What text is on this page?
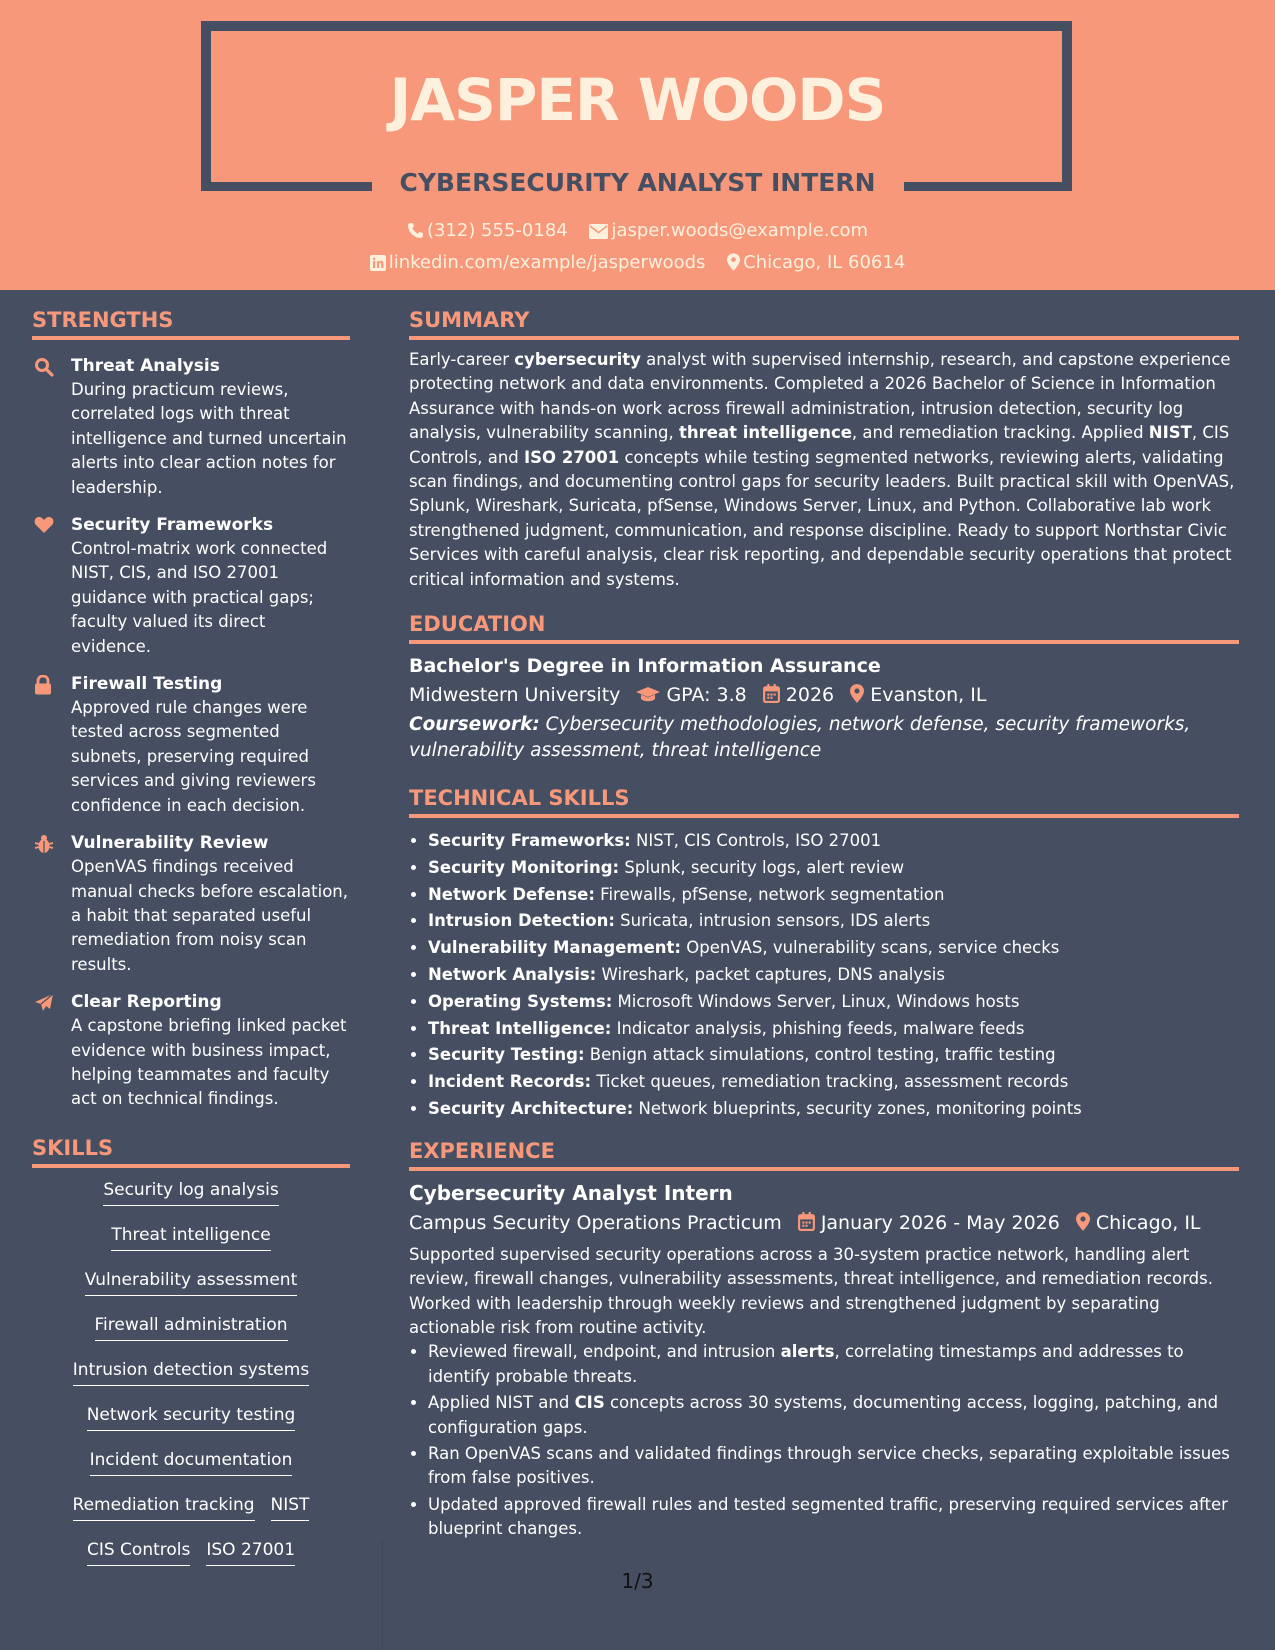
JASPER WOODS
CYBERSECURITY ANALYST INTERN
(312) 555-0184 jasper.woods@example.com
linkedin.com/example/jasperwoods Chicago, IL 60614
STRENGTHS
Threat Analysis
During practicum reviews, correlated logs with threat intelligence and turned uncertain alerts into clear action notes for leadership.
Security Frameworks
Control-matrix work connected NIST, CIS, and ISO 27001 guidance with practical gaps; faculty valued its direct evidence.
Firewall Testing
Approved rule changes were tested across segmented subnets, preserving required services and giving reviewers confidence in each decision.
Vulnerability Review
OpenVAS findings received manual checks before escalation, a habit that separated useful remediation from noisy scan results.
Clear Reporting
A capstone briefing linked packet evidence with business impact, helping teammates and faculty act on technical findings.
SKILLS
Security log analysis
Threat intelligence
Vulnerability assessment
Firewall administration
Intrusion detection systems
Network security testing
Incident documentation
Remediation tracking NIST
CIS Controls ISO 27001
SUMMARY
Early-career cybersecurity analyst with supervised internship, research, and capstone experience protecting network and data environments. Completed a 2026 Bachelor of Science in Information Assurance with hands-on work across firewall administration, intrusion detection, security log analysis, vulnerability scanning, threat intelligence, and remediation tracking. Applied NIST, CIS Controls, and ISO 27001 concepts while testing segmented networks, reviewing alerts, validating scan findings, and documenting control gaps for security leaders. Built practical skill with OpenVAS, Splunk, Wireshark, Suricata, pfSense, Windows Server, Linux, and Python. Collaborative lab work strengthened judgment, communication, and response discipline. Ready to support Northstar Civic Services with careful analysis, clear risk reporting, and dependable security operations that protect critical information and systems.
EDUCATION
Bachelor's Degree in Information Assurance
Midwestern University GPA: 3.8 2026 Evanston, IL
Coursework: Cybersecurity methodologies, network defense, security frameworks, vulnerability assessment, threat intelligence
TECHNICAL SKILLS
• Security Frameworks: NIST, CIS Controls, ISO 27001
• Security Monitoring: Splunk, security logs, alert review
• Network Defense: Firewalls, pfSense, network segmentation
• Intrusion Detection: Suricata, intrusion sensors, IDS alerts
• Vulnerability Management: OpenVAS, vulnerability scans, service checks
• Network Analysis: Wireshark, packet captures, DNS analysis
• Operating Systems: Microsoft Windows Server, Linux, Windows hosts
• Threat Intelligence: Indicator analysis, phishing feeds, malware feeds
• Security Testing: Benign attack simulations, control testing, traffic testing
• Incident Records: Ticket queues, remediation tracking, assessment records
• Security Architecture: Network blueprints, security zones, monitoring points
EXPERIENCE
Cybersecurity Analyst Intern
Campus Security Operations Practicum January 2026 - May 2026 Chicago, IL
Supported supervised security operations across a 30-system practice network, handling alert review, firewall changes, vulnerability assessments, threat intelligence, and remediation records. Worked with leadership through weekly reviews and strengthened judgment by separating actionable risk from routine activity.
• Reviewed firewall, endpoint, and intrusion alerts, correlating timestamps and addresses to identify probable threats.
• Applied NIST and CIS concepts across 30 systems, documenting access, logging, patching, and configuration gaps.
• Ran OpenVAS scans and validated findings through service checks, separating exploitable issues from false positives.
• Updated approved firewall rules and tested segmented traffic, preserving required services after blueprint changes.
1/3
